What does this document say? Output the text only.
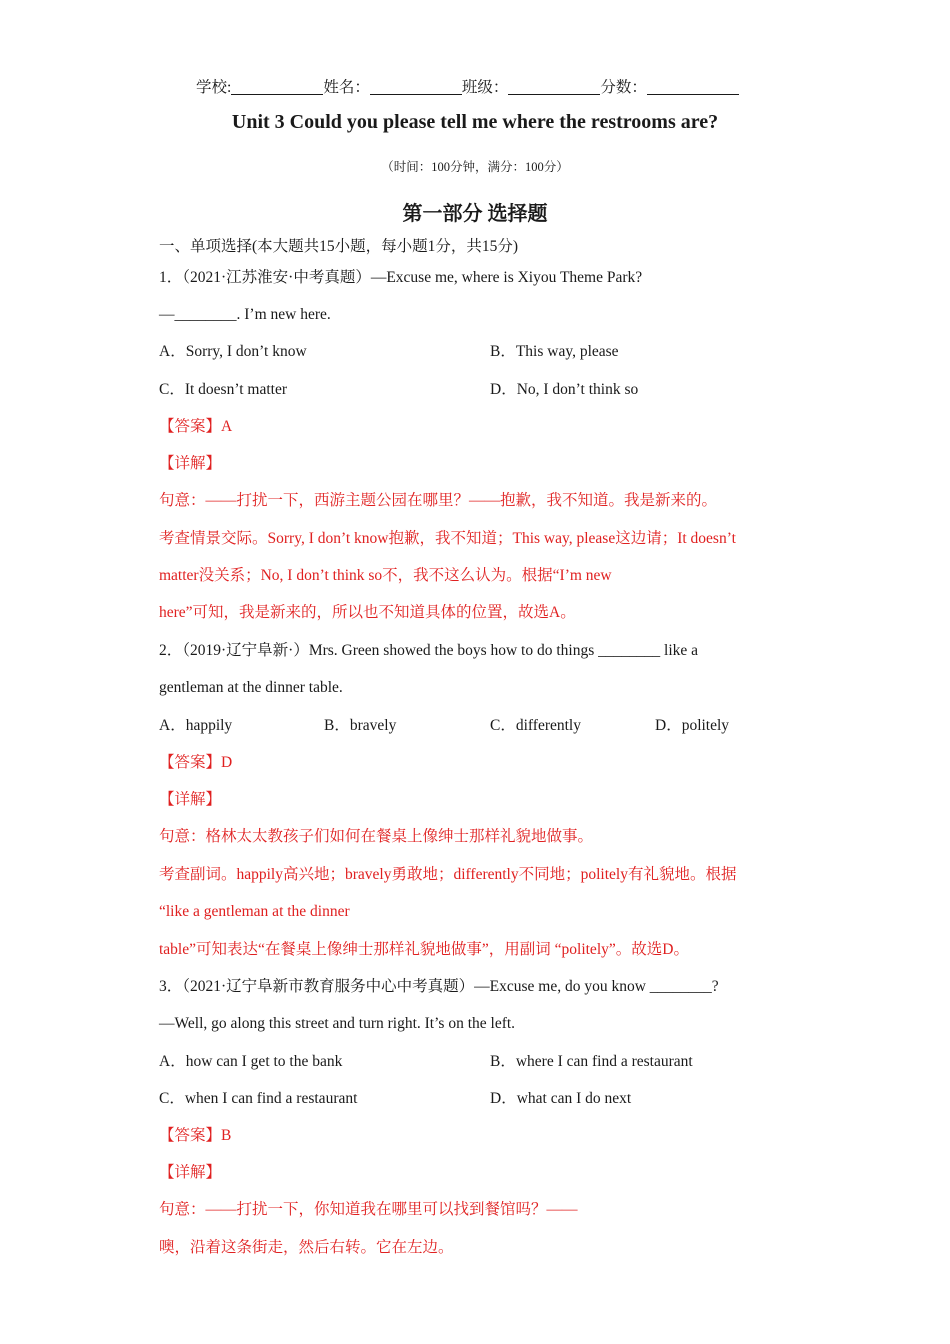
学校:	姓名：	班级：	分数：
Unit 3 Could you please tell me where the restrooms are?
（时间：100分钟，满分：100分）
第一部分 选择题
一、单项选择(本大题共15小题，每小题1分，共15分)
1．（2021·江苏淮安·中考真题）—Excuse me, where is Xiyou Theme Park?
—________. I’m new here.
A．Sorry, I don’t know	B．This way, please
C．It doesn’t matter	D．No, I don’t think so
【答案】A
【详解】
句意：——打扰一下，西游主题公园在哪里？——抱歉，我不知道。我是新来的。
考查情景交际。Sorry, I don’t know抱歉，我不知道；This way, please这边请；It doesn’t
matter没关系；No, I don’t think so不，我不这么认为。根据“I’m new
here”可知，我是新来的，所以也不知道具体的位置，故选A。
2．（2019·辽宁阜新·）Mrs. Green showed the boys how to do things ________ like a
gentleman at the dinner table.
A．happily	B．bravely	C．differently	D．politely
【答案】D
【详解】
句意：格林太太教孩子们如何在餐桌上像绅士那样礼貌地做事。
考查副词。happily高兴地；bravely勇敢地；differently不同地；politely有礼貌地。根据
“like a gentleman at the dinner
table”可知表达“在餐桌上像绅士那样礼貌地做事”，用副词 “politely”。故选D。
3．（2021·辽宁阜新市教育服务中心中考真题）—Excuse me, do you know ________?
—Well, go along this street and turn right. It’s on the left.
A．how can I get to the bank	B．where I can find a restaurant
C．when I can find a restaurant	D．what can I do next
【答案】B
【详解】
句意：——打扰一下，你知道我在哪里可以找到餐馆吗？——
噢，沿着这条街走，然后右转。它在左边。
